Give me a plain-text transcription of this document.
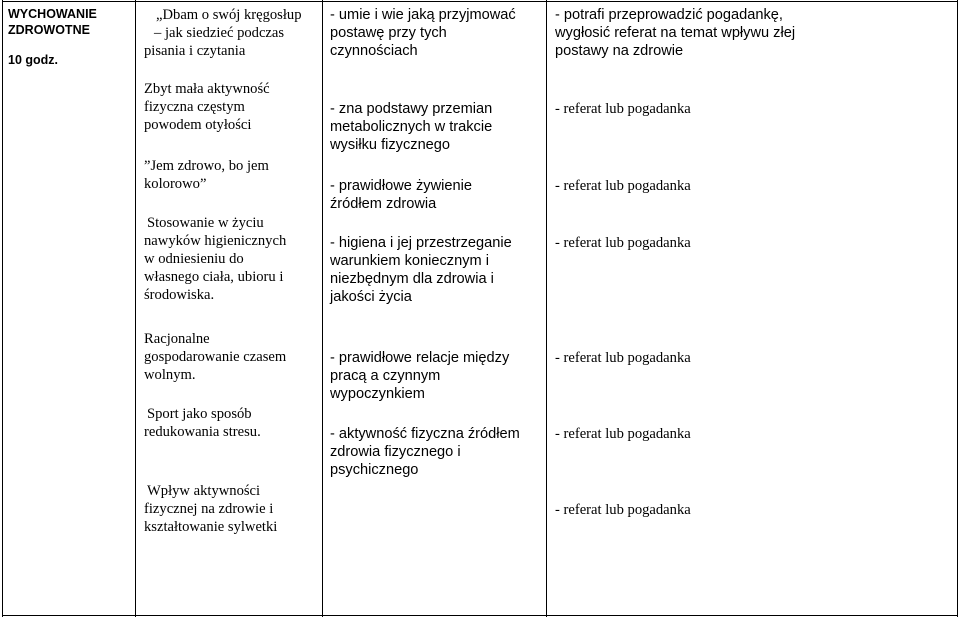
WYCHOWANIE
ZDROWOTNE
10 godz.
„Dbam o swój kręgosłup
– jak siedzieć podczas
pisania i czytania
Zbyt mała aktywność
fizyczna częstym
powodem otyłości
”Jem zdrowo, bo jem
kolorowo”
Stosowanie w życiu
nawyków higienicznych
w odniesieniu do
własnego ciała, ubioru i
środowiska.
Racjonalne
gospodarowanie czasem
wolnym.
Sport jako sposób
redukowania stresu.
Wpływ aktywności
fizycznej na zdrowie i
kształtowanie sylwetki
- umie i wie jaką przyjmować
postawę przy tych
czynnościach
- zna podstawy przemian
metabolicznych w trakcie
wysiłku fizycznego
- prawidłowe żywienie
źródłem zdrowia
- higiena i jej przestrzeganie
warunkiem koniecznym i
niezbędnym dla zdrowia i
jakości życia
- prawidłowe relacje między
pracą a czynnym
wypoczynkiem
- aktywność fizyczna źródłem
zdrowia fizycznego i
psychicznego
- potrafi przeprowadzić pogadankę,
wygłosić referat na temat wpływu złej
postawy na zdrowie
- referat lub pogadanka
- referat lub pogadanka
- referat lub pogadanka
- referat lub pogadanka
- referat lub pogadanka
- referat lub pogadanka
